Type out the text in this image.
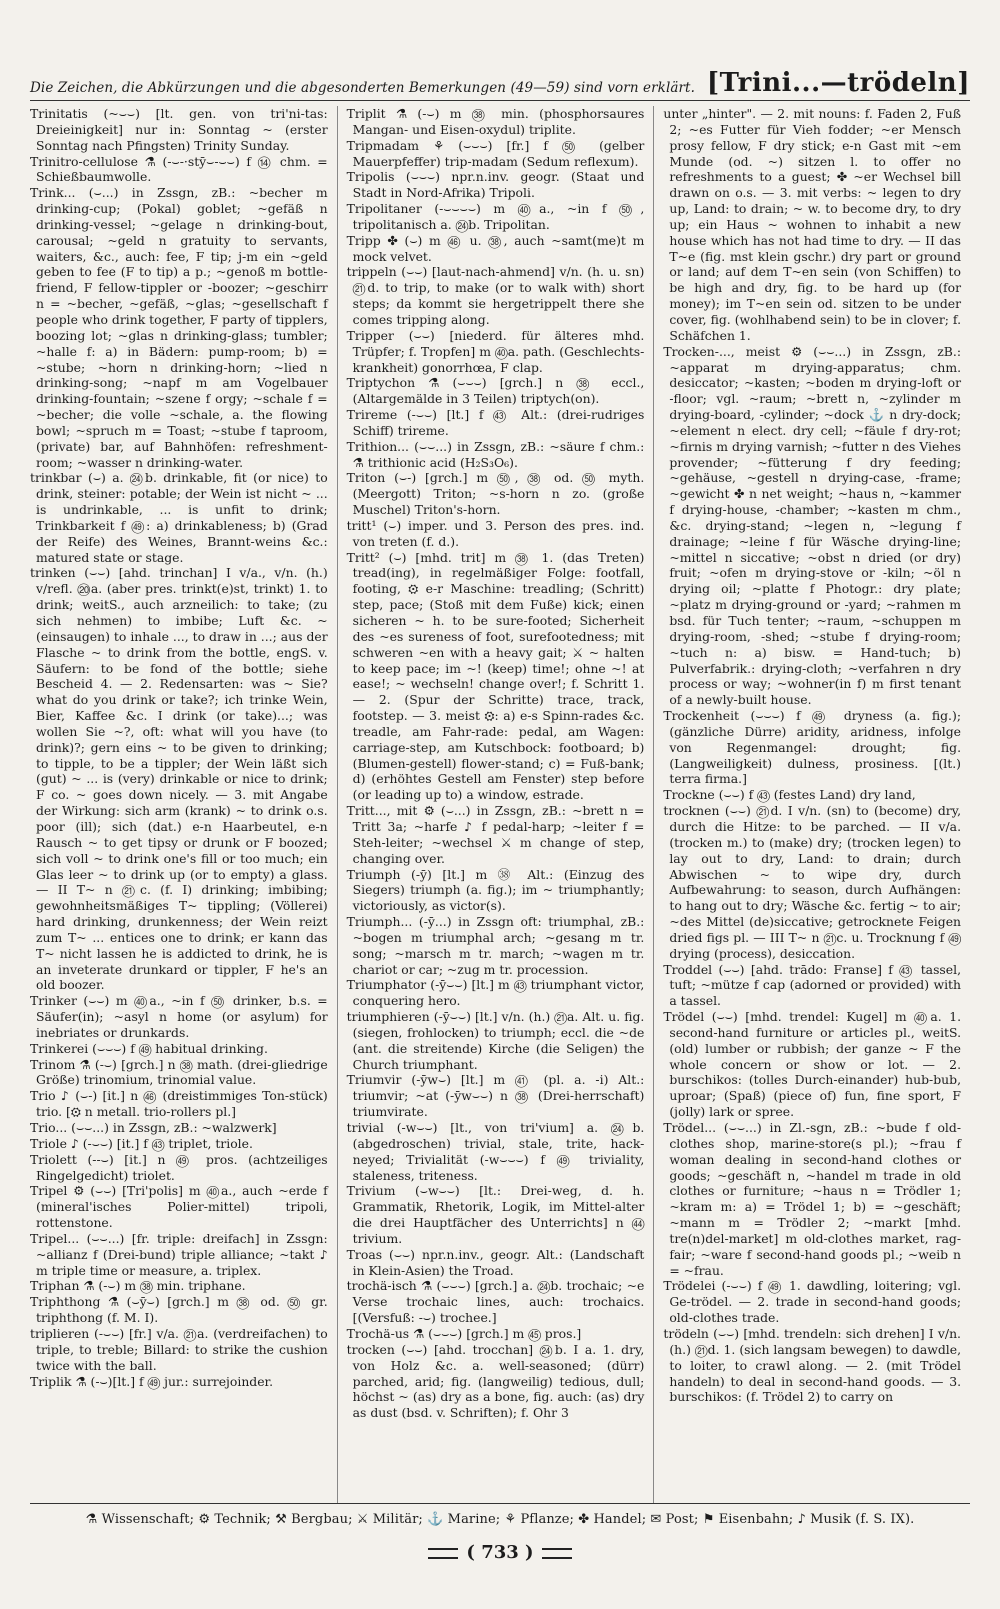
Die Zeichen, die Abkürzungen und die abgesonderten Bemerkungen (49—59) sind vorn erklärt. [Trini...—trödeln]

Trinitatis (~⌣⌣) [lt. gen. von tri'ni-tas: Dreieinigkeit] nur in: Sonntag ~ (erster Sonntag nach Pfingsten) Trinity Sunday.

Trinitro-cellulose ⚗ (-⌣-·stȳ⌣-⌣⌣) f ⑭ chm. = Schießbaumwolle.

Trink... (⌣...) in Zssgn, zB.: ~becher m drinking-cup; (Pokal) goblet; ~gefäß n drinking-vessel; ~gelage n drinking-bout, carousal; ~geld n gratuity to servants, waiters, &c., auch: fee, F tip; j-m ein ~geld geben to fee (F to tip) a p.; ~genoß m bottle-friend, F fellow-tippler or -boozer; ~geschirr n = ~becher, ~gefäß, ~glas; ~gesellschaft f people who drink together, F party of tipplers, boozing lot; ~glas n drinking-glass; tumbler; ~halle f: a) in Bädern: pump-room; b) = ~stube; ~horn n drinking-horn; ~lied n drinking-song; ~napf m am Vogelbauer drinking-fountain; ~szene f orgy; ~schale f = ~becher; die volle ~schale, a. the flowing bowl; ~spruch m = Toast; ~stube f taproom, (private) bar, auf Bahnhöfen: refreshment-room; ~wasser n drinking-water.

trinkbar (⌣) a. ㉔b. drinkable, fit (or nice) to drink, steiner: potable; der Wein ist nicht ~ ... is undrinkable, ... is unfit to drink; Trinkbarkeit f ㊾: a) drinkableness; b) (Grad der Reife) des Weines, Brannt-weins &c.: matured state or stage.

trinken (⌣⌣) [ahd. trinchan] I v/a., v/n. (h.) v/refl. ⑳a. (aber pres. trinkt(e)st, trinkt) 1. to drink; weitS., auch arzneilich: to take; (zu sich nehmen) to imbibe; Luft &c. ~ (einsaugen) to inhale ..., to draw in ...; aus der Flasche ~ to drink from the bottle, engS. v. Säufern: to be fond of the bottle; siehe Bescheid 4. — 2. Redensarten: was ~ Sie? what do you drink or take?; ich trinke Wein, Bier, Kaffee &c. I drink (or take)...; was wollen Sie ~?, oft: what will you have (to drink)?; gern eins ~ to be given to drinking; to tipple, to be a tippler; der Wein läßt sich (gut) ~ ... is (very) drinkable or nice to drink; F co. ~ goes down nicely. — 3. mit Angabe der Wirkung: sich arm (krank) ~ to drink o.s. poor (ill); sich (dat.) e-n Haarbeutel, e-n Rausch ~ to get tipsy or drunk or F boozed; sich voll ~ to drink one's fill or too much; ein Glas leer ~ to drink up (or to empty) a glass. — II T~ n ㉑c. (f. I) drinking; imbibing; gewohnheitsmäßiges T~ tippling; (Völlerei) hard drinking, drunkenness; der Wein reizt zum T~ ... entices one to drink; er kann das T~ nicht lassen he is addicted to drink, he is an inveterate drunkard or tippler, F he's an old boozer.

Trinker (⌣⌣) m ㊵a., ~in f ㊿ drinker, b.s. = Säufer(in); ~asyl n home (or asylum) for inebriates or drunkards.

Trinkerei (⌣⌣⌣) f ㊾ habitual drinking.

Trinom ⚗ (-⌣) [grch.] n ㊳ math. (drei-gliedrige Größe) trinomium, trinomial value.

Trio ♪ (⌣-) [it.] n ㊻ (dreistimmiges Ton-stück) trio. [⚙ n metall. trio-rollers pl.]

Trio... (⌣⌣...) in Zssgn, zB.: ~walzwerk]

Triole ♪ (-⌣⌣) [it.] f ㊸ triplet, triole.

Triolett (--⌣) [it.] n ㊾ pros. (achtzeiliges Ringelgedicht) triolet.

Tripel ⚙ (⌣⌣) [Tri'polis] m ㊵a., auch ~erde f (mineral'isches Polier-mittel) tripoli, rottenstone.

Tripel... (⌣⌣...) [fr. triple: dreifach] in Zssgn: ~allianz f (Drei-bund) triple alliance; ~takt ♪ m triple time or measure, a. triplex.

Triphan ⚗ (-⌣) m ㊳ min. triphane.

Triphthong ⚗ (⌣ȳ⌣) [grch.] m ㊳ od. ㊿ gr. triphthong (f. M. I).

triplieren (-⌣⌣) [fr.] v/a. ㉑a. (verdreifachen) to triple, to treble; Billard: to strike the cushion twice with the ball.

Triplik ⚗ (-⌣)[lt.] f ㊾ jur.: surrejoinder.

Triplit ⚗ (-⌣) m ㊳ min. (phosphorsaures Mangan- und Eisen-oxydul) triplite.

Tripmadam ⚘ (⌣⌣⌣) [fr.] f ㊿ (gelber Mauerpfeffer) trip-madam (Sedum reflexum).

Tripolis (⌣⌣⌣) npr.n.inv. geogr. (Staat und Stadt in Nord-Afrika) Tripoli.

Tripolitaner (-⌣⌣⌣⌣) m ㊵a., ~in f ㊿, tripolitanisch a. ㉔b. Tripolitan.

Tripp ✤ (⌣) m ㊻ u. ㊳, auch ~samt(me)t m mock velvet.

trippeln (⌣⌣) [laut-nach-ahmend] v/n. (h. u. sn) ㉑d. to trip, to make (or to walk with) short steps; da kommt sie hergetrippelt there she comes tripping along.

Tripper (⌣⌣) [niederd. für älteres mhd. Trüpfer; f. Tropfen] m ㊵a. path. (Geschlechts-krankheit) gonorrhœa, F clap.

Triptychon ⚗ (⌣⌣⌣) [grch.] n ㊳ eccl., (Altargemälde in 3 Teilen) triptych(on).

Trireme (-⌣⌣) [lt.] f ㊸ Alt.: (drei-rudriges Schiff) trireme.

Trithion... (⌣⌣...) in Zssgn, zB.: ~säure f chm.: ⚗ trithionic acid (H₂S₃O₆).

Triton (⌣-) [grch.] m ㊿, ㊳ od. ㊿ myth. (Meergott) Triton; ~s-horn n zo. (große Muschel) Triton's-horn.

tritt¹ (⌣) imper. und 3. Person des pres. ind. von treten (f. d.).

Tritt² (⌣) [mhd. trit] m ㊳ 1. (das Treten) tread(ing), in regelmäßiger Folge: footfall, footing, ⚙ e-r Maschine: treadling; (Schritt) step, pace; (Stoß mit dem Fuße) kick; einen sicheren ~ h. to be sure-footed; Sicherheit des ~es sureness of foot, surefootedness; mit schweren ~en with a heavy gait; ⚔ ~ halten to keep pace; im ~! (keep) time!; ohne ~! at ease!; ~ wechseln! change over!; f. Schritt 1. — 2. (Spur der Schritte) trace, track, footstep. — 3. meist ⚙: a) e-s Spinn-rades &c. treadle, am Fahr-rade: pedal, am Wagen: carriage-step, am Kutschbock: footboard; b) (Blumen-gestell) flower-stand; c) = Fuß-bank; d) (erhöhtes Gestell am Fenster) step before (or leading up to) a window, estrade.

Tritt..., mit ⚙ (⌣...) in Zssgn, zB.: ~brett n = Tritt 3a; ~harfe ♪ f pedal-harp; ~leiter f = Steh-leiter; ~wechsel ⚔ m change of step, changing over.

Triumph (-ȳ) [lt.] m ㊳ Alt.: (Einzug des Siegers) triumph (a. fig.); im ~ triumphantly; victoriously, as victor(s).

Triumph... (-ȳ...) in Zssgn oft: triumphal, zB.: ~bogen m triumphal arch; ~gesang m tr. song; ~marsch m tr. march; ~wagen m tr. chariot or car; ~zug m tr. procession.

Triumphator (-ȳ⌣⌣) [lt.] m ㊸ triumphant victor, conquering hero.

triumphieren (-ȳ⌣⌣) [lt.] v/n. (h.) ㉑a. Alt. u. fig. (siegen, frohlocken) to triumph; eccl. die ~de (ant. die streitende) Kirche (die Seligen) the Church triumphant.

Triumvir (-ȳw⌣) [lt.] m ㊶ (pl. a. -i) Alt.: triumvir; ~at (-ȳw⌣⌣) n ㊳ (Drei-herrschaft) triumvirate.

trivial (-w⌣⌣) [lt., von tri'vium] a. ㉔b. (abgedroschen) trivial, stale, trite, hack-neyed; Trivialität (-w⌣⌣⌣) f ㊾ triviality, staleness, triteness.

Trivium (⌣w⌣⌣) [lt.: Drei-weg, d. h. Grammatik, Rhetorik, Logik, im Mittel-alter die drei Hauptfächer des Unterrichts] n ㊹ trivium.

Troas (⌣⌣) npr.n.inv., geogr. Alt.: (Landschaft in Klein-Asien) the Troad.

trochä-isch ⚗ (⌣⌣⌣) [grch.] a. ㉔b. trochaic; ~e Verse trochaic lines, auch: trochaics. [(Versfuß: -⌣) trochee.]

Trochä-us ⚗ (⌣⌣⌣) [grch.] m ㊺ pros.]

trocken (⌣⌣) [ahd. trocchan] ㉔b. I a. 1. dry, von Holz &c. a. well-seasoned; (dürr) parched, arid; fig. (langweilig) tedious, dull; höchst ~ (as) dry as a bone, fig. auch: (as) dry as dust (bsd. v. Schriften); f. Ohr 3

unter „hinter". — 2. mit nouns: f. Faden 2, Fuß 2; ~es Futter für Vieh fodder; ~er Mensch prosy fellow, F dry stick; e-n Gast mit ~em Munde (od. ~) sitzen l. to offer no refreshments to a guest; ✤ ~er Wechsel bill drawn on o.s. — 3. mit verbs: ~ legen to dry up, Land: to drain; ~ w. to become dry, to dry up; ein Haus ~ wohnen to inhabit a new house which has not had time to dry. — II das T~e (fig. mst klein gschr.) dry part or ground or land; auf dem T~en sein (von Schiffen) to be high and dry, fig. to be hard up (for money); im T~en sein od. sitzen to be under cover, fig. (wohlhabend sein) to be in clover; f. Schäfchen 1.

Trocken-..., meist ⚙ (⌣⌣...) in Zssgn, zB.: ~apparat m drying-apparatus; chm. desiccator; ~kasten; ~boden m drying-loft or -floor; vgl. ~raum; ~brett n, ~zylinder m drying-board, -cylinder; ~dock ⚓ n dry-dock; ~element n elect. dry cell; ~fäule f dry-rot; ~firnis m drying varnish; ~futter n des Viehes provender; ~fütterung f dry feeding; ~gehäuse, ~gestell n drying-case, -frame; ~gewicht ✤ n net weight; ~haus n, ~kammer f drying-house, -chamber; ~kasten m chm., &c. drying-stand; ~legen n, ~legung f drainage; ~leine f für Wäsche drying-line; ~mittel n siccative; ~obst n dried (or dry) fruit; ~ofen m drying-stove or -kiln; ~öl n drying oil; ~platte f Photogr.: dry plate; ~platz m drying-ground or -yard; ~rahmen m bsd. für Tuch tenter; ~raum, ~schuppen m drying-room, -shed; ~stube f drying-room; ~tuch n: a) bisw. = Hand-tuch; b) Pulverfabrik.: drying-cloth; ~verfahren n dry process or way; ~wohner(in f) m first tenant of a newly-built house.

Trockenheit (⌣⌣⌣) f ㊾ dryness (a. fig.); (gänzliche Dürre) aridity, aridness, infolge von Regenmangel: drought; fig. (Langweiligkeit) dulness, prosiness. [(lt.) terra firma.]

Trockne (⌣⌣) f ㊸ (festes Land) dry land,

trocknen (⌣⌣) ㉑d. I v/n. (sn) to (become) dry, durch die Hitze: to be parched. — II v/a. (trocken m.) to (make) dry; (trocken legen) to lay out to dry, Land: to drain; durch Abwischen ~ to wipe dry, durch Aufbewahrung: to season, durch Aufhängen: to hang out to dry; Wäsche &c. fertig ~ to air; ~des Mittel (de)siccative; getrocknete Feigen dried figs pl. — III T~ n ㉑c. u. Trocknung f ㊾ drying (process), desiccation.

Troddel (⌣⌣) [ahd. trādo: Franse] f ㊸ tassel, tuft; ~mütze f cap (adorned or provided) with a tassel.

Trödel (⌣⌣) [mhd. trendel: Kugel] m ㊵a. 1. second-hand furniture or articles pl., weitS. (old) lumber or rubbish; der ganze ~ F the whole concern or show or lot. — 2. burschikos: (tolles Durch-einander) hub-bub, uproar; (Spaß) (piece of) fun, fine sport, F (jolly) lark or spree.

Trödel... (⌣⌣...) in Zl.-sgn, zB.: ~bude f old-clothes shop, marine-store(s pl.); ~frau f woman dealing in second-hand clothes or goods; ~geschäft n, ~handel m trade in old clothes or furniture; ~haus n = Trödler 1; ~kram m: a) = Trödel 1; b) = ~geschäft; ~mann m = Trödler 2; ~markt [mhd. tre(n)del-market] m old-clothes market, rag-fair; ~ware f second-hand goods pl.; ~weib n = ~frau.

Trödelei (-⌣⌣) f ㊾ 1. dawdling, loitering; vgl. Ge-trödel. — 2. trade in second-hand goods; old-clothes trade.

trödeln (⌣⌣) [mhd. trendeln: sich drehen] I v/n. (h.) ㉑d. 1. (sich langsam bewegen) to dawdle, to loiter, to crawl along. — 2. (mit Trödel handeln) to deal in second-hand goods. — 3. burschikos: (f. Trödel 2) to carry on

⚗ Wissenschaft; ⚙ Technik; ⚒ Bergbau; ⚔ Militär; ⚓ Marine; ⚘ Pflanze; ✤ Handel; ✉ Post; ⚑ Eisenbahn; ♪ Musik (f. S. IX).
( 733 )
